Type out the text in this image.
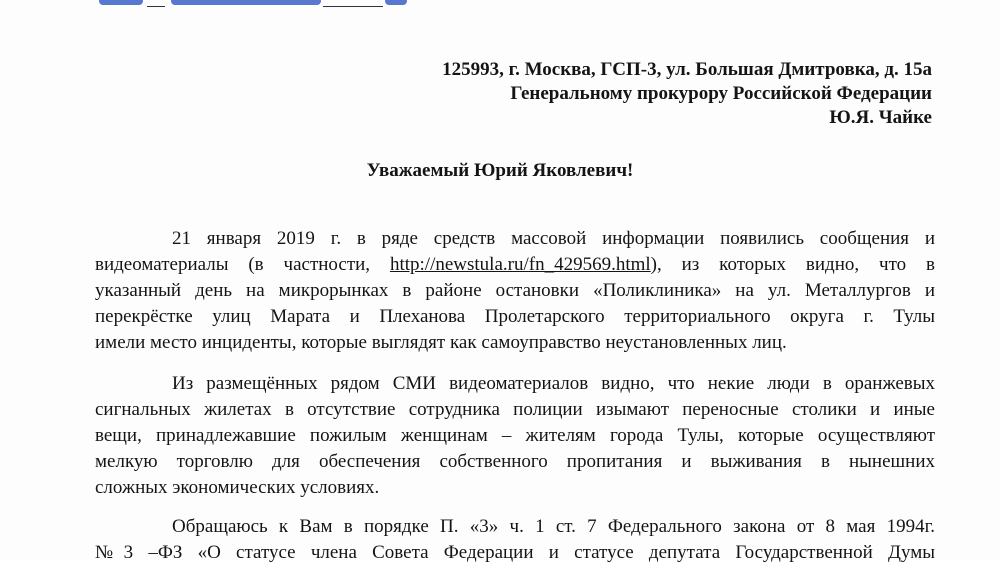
125993, г. Москва, ГСП-3, ул. Большая Дмитровка, д. 15а
Генеральному прокурору Российской Федерации
Ю.Я. Чайке
Уважаемый Юрий Яковлевич!
21 января 2019 г. в ряде средств массовой информации появились сообщения и
видеоматериалы (в частности, http://newstula.ru/fn_429569.html), из которых видно, что в
указанный день на микрорынках в районе остановки «Поликлиника» на ул. Металлургов и
перекрёстке улиц Марата и Плеханова Пролетарского территориального округа г. Тулы
имели место инциденты, которые выглядят как самоуправство неустановленных лиц.
Из размещённых рядом СМИ видеоматериалов видно, что некие люди в оранжевых
сигнальных жилетах в отсутствие сотрудника полиции изымают переносные столики и иные
вещи, принадлежавшие пожилым женщинам – жителям города Тулы, которые осуществляют
мелкую торговлю для обеспечения собственного пропитания и выживания в нынешних
сложных экономических условиях.
Обращаюсь к Вам в порядке П. «3» ч. 1 ст. 7 Федерального закона от 8 мая 1994г.
№3 –ФЗ «О статусе члена Совета Федерации и статусе депутата Государственной Думы
